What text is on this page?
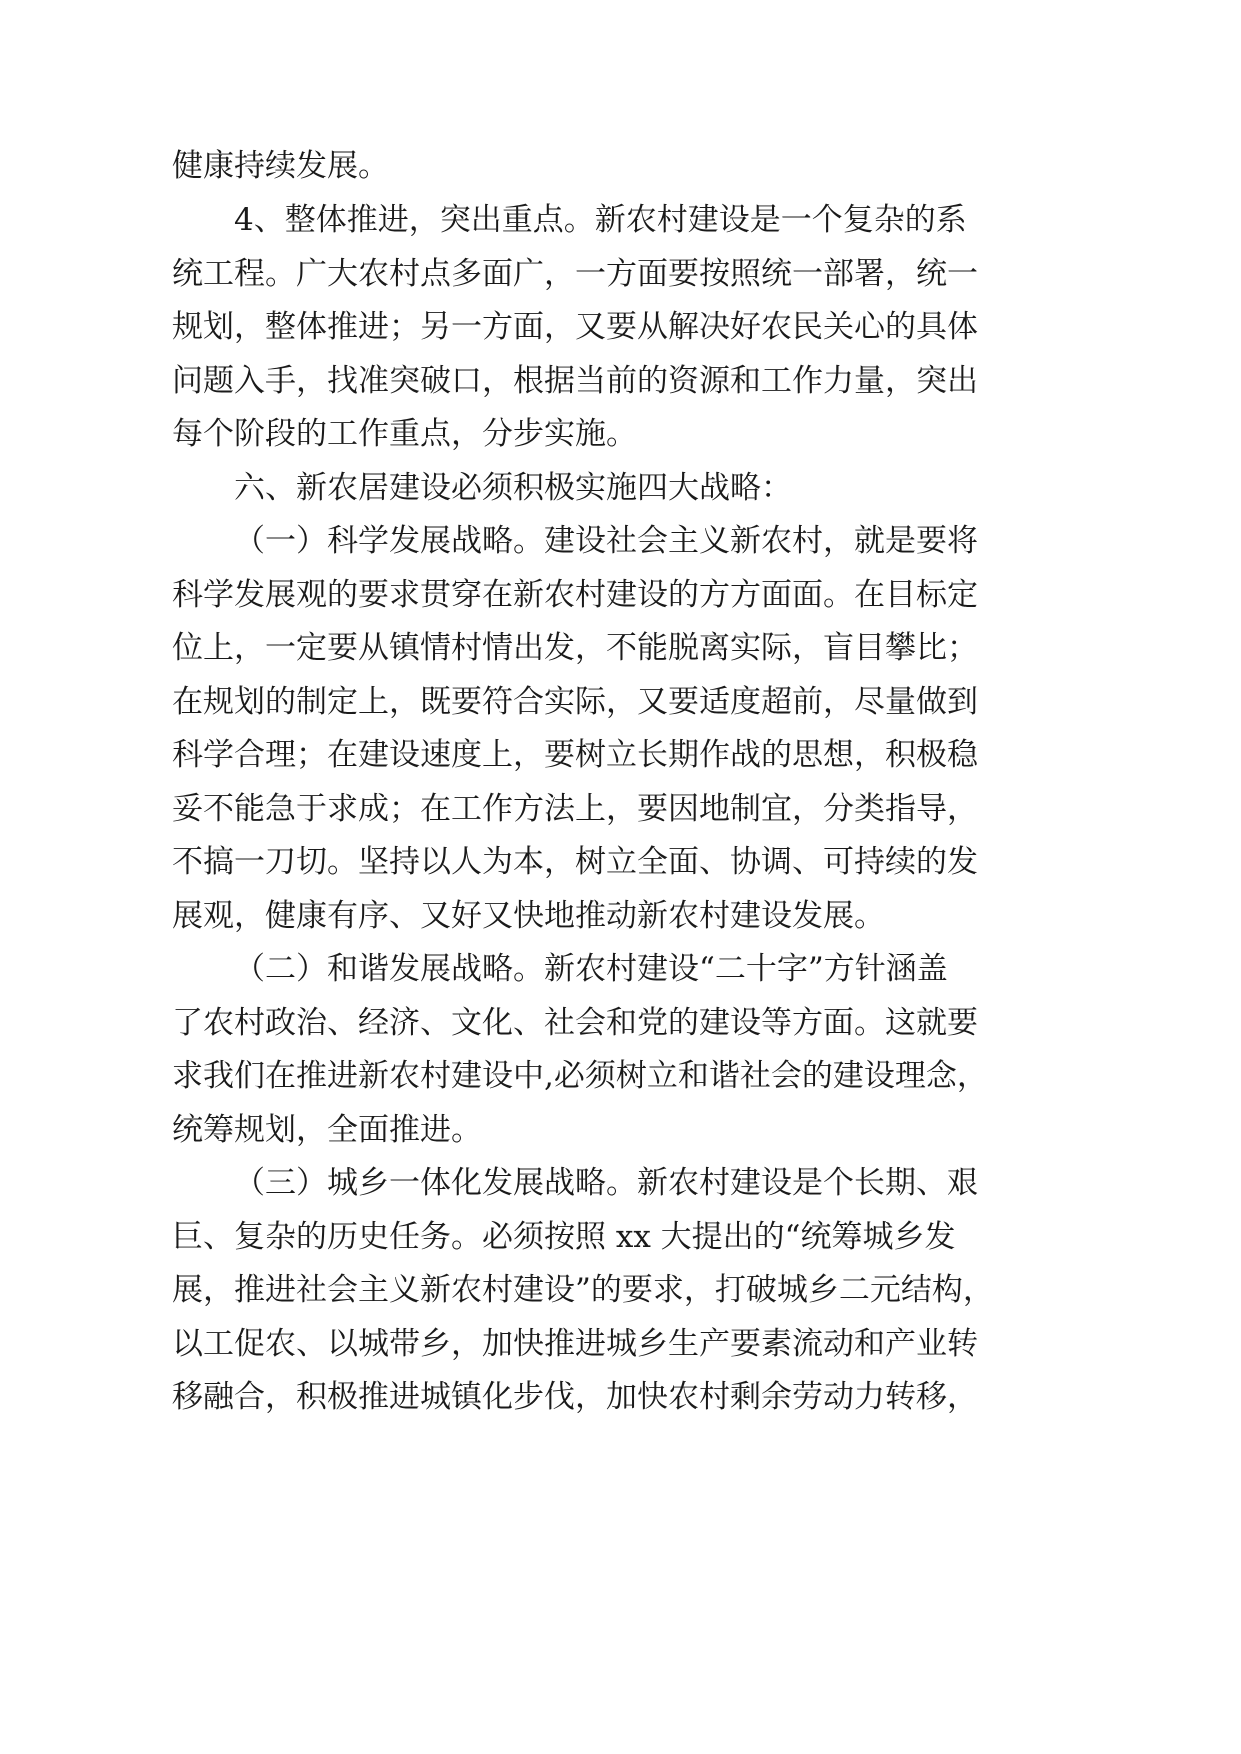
健康持续发展。

4、整体推进，突出重点。新农村建设是一个复杂的系

统工程。广大农村点多面广，一方面要按照统一部署，统一

规划，整体推进；另一方面，又要从解决好农民关心的具体

问题入手，找准突破口，根据当前的资源和工作力量，突出

每个阶段的工作重点，分步实施。

六、新农居建设必须积极实施四大战略：

（一）科学发展战略。建设社会主义新农村，就是要将

科学发展观的要求贯穿在新农村建设的方方面面。在目标定

位上，一定要从镇情村情出发，不能脱离实际，盲目攀比；

在规划的制定上，既要符合实际，又要适度超前，尽量做到

科学合理；在建设速度上，要树立长期作战的思想，积极稳

妥不能急于求成；在工作方法上，要因地制宜，分类指导，

不搞一刀切。坚持以人为本，树立全面、协调、可持续的发

展观，健康有序、又好又快地推动新农村建设发展。

（二）和谐发展战略。新农村建设“二十字”方针涵盖

了农村政治、经济、文化、社会和党的建设等方面。这就要

求我们在推进新农村建设中,必须树立和谐社会的建设理念，

统筹规划，全面推进。

（三）城乡一体化发展战略。新农村建设是个长期、艰

巨、复杂的历史任务。必须按照 xx 大提出的“统筹城乡发

展，推进社会主义新农村建设”的要求，打破城乡二元结构，

以工促农、以城带乡，加快推进城乡生产要素流动和产业转

移融合，积极推进城镇化步伐，加快农村剩余劳动力转移，
